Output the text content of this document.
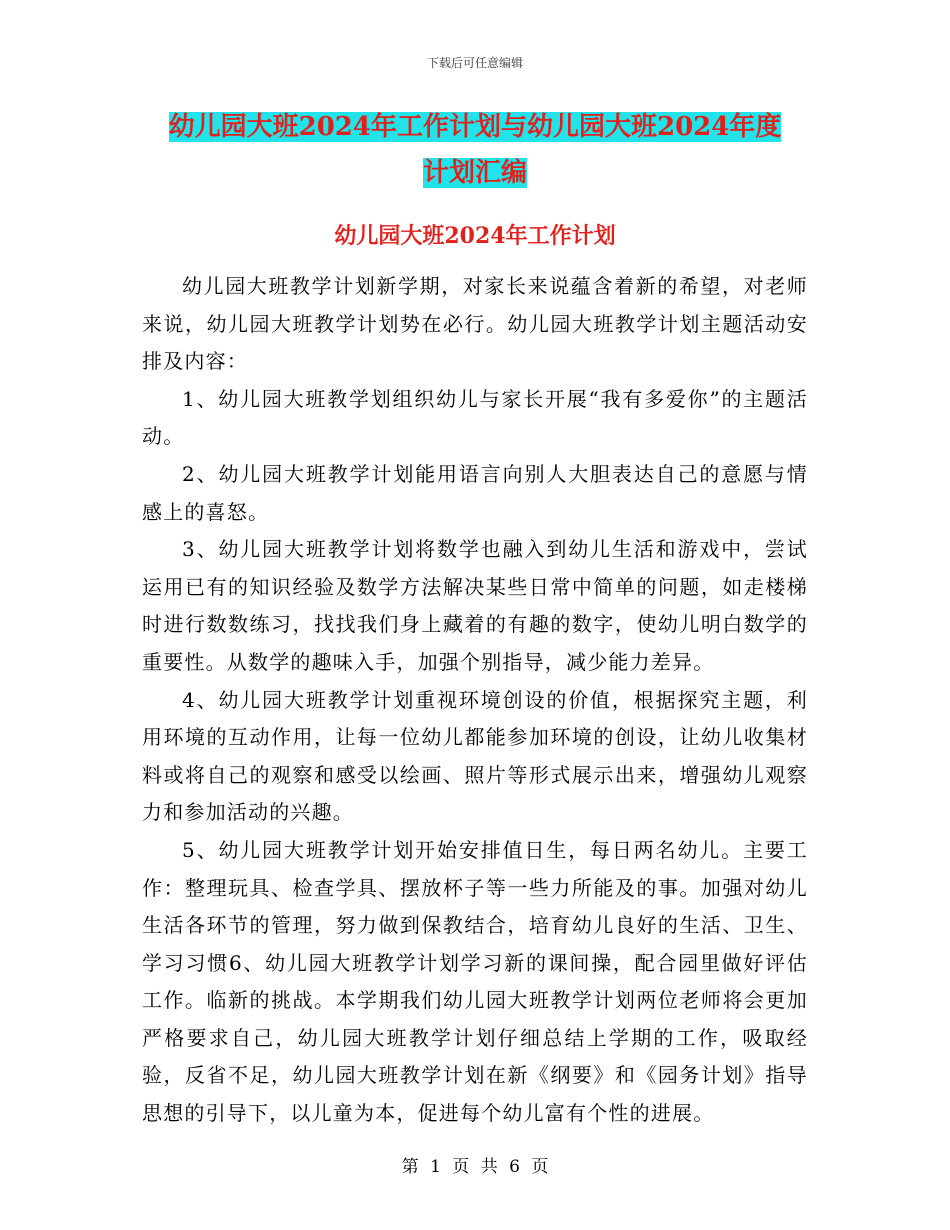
下载后可任意编辑
幼儿园大班2024年工作计划与幼儿园大班2024年度
计划汇编
幼儿园大班2024年工作计划

幼儿园大班教学计划新学期，对家长来说蕴含着新的希望，对老师来说，幼儿园大班教学计划势在必行。幼儿园大班教学计划主题活动安排及内容：

1、幼儿园大班教学划组织幼儿与家长开展“我有多爱你”的主题活动。

2、幼儿园大班教学计划能用语言向别人大胆表达自己的意愿与情感上的喜怒。

3、幼儿园大班教学计划将数学也融入到幼儿生活和游戏中，尝试运用已有的知识经验及数学方法解决某些日常中简单的问题，如走楼梯时进行数数练习，找找我们身上藏着的有趣的数字，使幼儿明白数学的重要性。从数学的趣味入手，加强个别指导，减少能力差异。

4、幼儿园大班教学计划重视环境创设的价值，根据探究主题，利用环境的互动作用，让每一位幼儿都能参加环境的创设，让幼儿收集材料或将自己的观察和感受以绘画、照片等形式展示出来，增强幼儿观察力和参加活动的兴趣。

5、幼儿园大班教学计划开始安排值日生，每日两名幼儿。主要工作：整理玩具、检查学具、摆放杯子等一些力所能及的事。加强对幼儿生活各环节的管理，努力做到保教结合，培育幼儿良好的生活、卫生、学习习惯6、幼儿园大班教学计划学习新的课间操，配合园里做好评估工作。临新的挑战。本学期我们幼儿园大班教学计划两位老师将会更加严格要求自己，幼儿园大班教学计划仔细总结上学期的工作，吸取经验，反省不足，幼儿园大班教学计划在新《纲要》和《园务计划》指导思想的引导下，以儿童为本，促进每个幼儿富有个性的进展。

第 1 页 共 6 页
